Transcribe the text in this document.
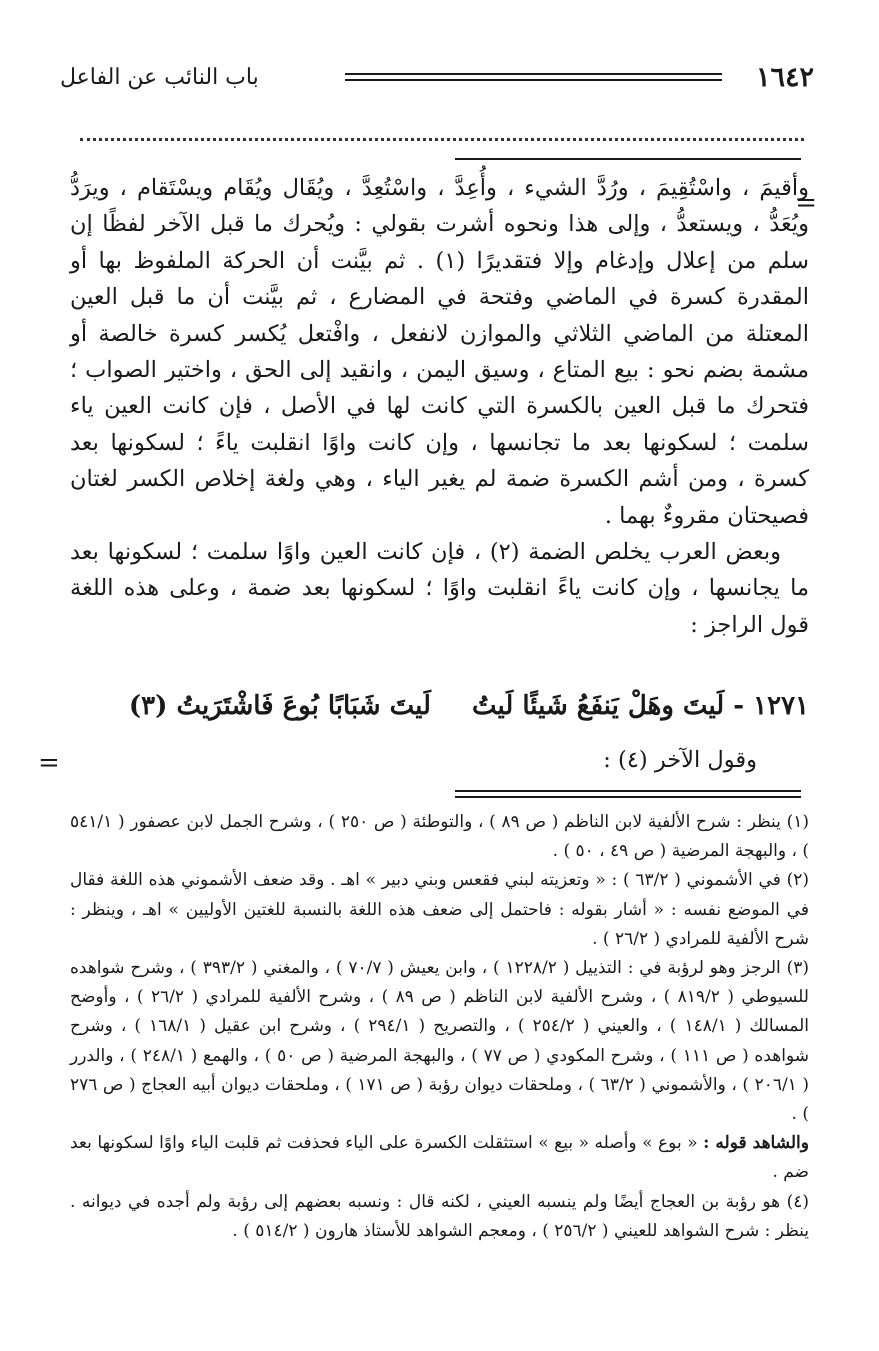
١٦٤٢
باب النائب عن الفاعل
=

وأقيمَ ، واسْتُقِيمَ ، ورُدَّ الشيء ، وأُعِدَّ ، واسْتُعِدَّ ، ويُقَال ويُقَام ويسْتَقام ، ويرَدُّ ويُعَدُّ ، ويستعدُّ ، وإلى هذا ونحوه أشرت بقولي : ويُحرك ما قبل الآخر لفظًا إن سلم من إعلال وإدغام وإلا فتقديرًا (١) . ثم بيَّنت أن الحركة الملفوظ بها أو المقدرة كسرة في الماضي وفتحة في المضارع ، ثم بيَّنت أن ما قبل العين المعتلة من الماضي الثلاثي والموازن لانفعل ، وافْتعل يُكسر كسرة خالصة أو مشمة بضم نحو : بيع المتاع ، وسيق اليمن ، وانقيد إلى الحق ، واختير الصواب ؛ فتحرك ما قبل العين بالكسرة التي كانت لها في الأصل ، فإن كانت العين ياء سلمت ؛ لسكونها بعد ما تجانسها ، وإن كانت واوًا انقلبت ياءً ؛ لسكونها بعد كسرة ، ومن أشم الكسرة ضمة لم يغير الياء ، وهي ولغة إخلاص الكسر لغتان فصيحتان مقروءٌ بهما .

وبعض العرب يخلص الضمة (٢) ، فإن كانت العين واوًا سلمت ؛ لسكونها بعد ما يجانسها ، وإن كانت ياءً انقلبت واوًا ؛ لسكونها بعد ضمة ، وعلى هذه اللغة قول الراجز :

١٢٧١ - لَيتَ وهَلْ يَنفَعُ شَيئًا لَيتُ لَيتَ شَبَابًا بُوعَ فَاشْتَرَيتُ (٣)
وقول الآخر (٤) :
=

(١) ينظر : شرح الألفية لابن الناظم ( ص ٨٩ ) ، والتوطئة ( ص ٢٥٠ ) ، وشرح الجمل لابن عصفور ( ٥٤١/١ ) ، والبهجة المرضية ( ص ٤٩ ، ٥٠ ) .

(٢) في الأشموني ( ٦٣/٢ ) : « وتعزيته لبني فقعس وبني دبير » اهـ . وقد ضعف الأشموني هذه اللغة فقال في الموضع نفسه : « أشار بقوله : فاحتمل إلى ضعف هذه اللغة بالنسبة للغتين الأوليين » اهـ ، وينظر : شرح الألفية للمرادي ( ٢٦/٢ ) .

(٣) الرجز وهو لرؤبة في : التذييل ( ١٢٢٨/٢ ) ، وابن يعيش ( ٧٠/٧ ) ، والمغني ( ٣٩٣/٢ ) ، وشرح شواهده للسيوطي ( ٨١٩/٢ ) ، وشرح الألفية لابن الناظم ( ص ٨٩ ) ، وشرح الألفية للمرادي ( ٢٦/٢ ) ، وأوضح المسالك ( ١٤٨/١ ) ، والعيني ( ٢٥٤/٢ ) ، والتصريح ( ٢٩٤/١ ) ، وشرح ابن عقيل ( ١٦٨/١ ) ، وشرح شواهده ( ص ١١١ ) ، وشرح المكودي ( ص ٧٧ ) ، والبهجة المرضية ( ص ٥٠ ) ، والهمع ( ٢٤٨/١ ) ، والدرر ( ٢٠٦/١ ) ، والأشموني ( ٦٣/٢ ) ، وملحقات ديوان رؤبة ( ص ١٧١ ) ، وملحقات ديوان أبيه العجاج ( ص ٢٧٦ ) .

والشاهد قوله : « بوع » وأصله « بيع » استثقلت الكسرة على الياء فحذفت ثم قلبت الياء واوًا لسكونها بعد ضم .

(٤) هو رؤبة بن العجاج أيضًا ولم ينسبه العيني ، لكنه قال : ونسبه بعضهم إلى رؤبة ولم أجده في ديوانه . ينظر : شرح الشواهد للعيني ( ٢٥٦/٢ ) ، ومعجم الشواهد للأستاذ هارون ( ٥١٤/٢ ) .
